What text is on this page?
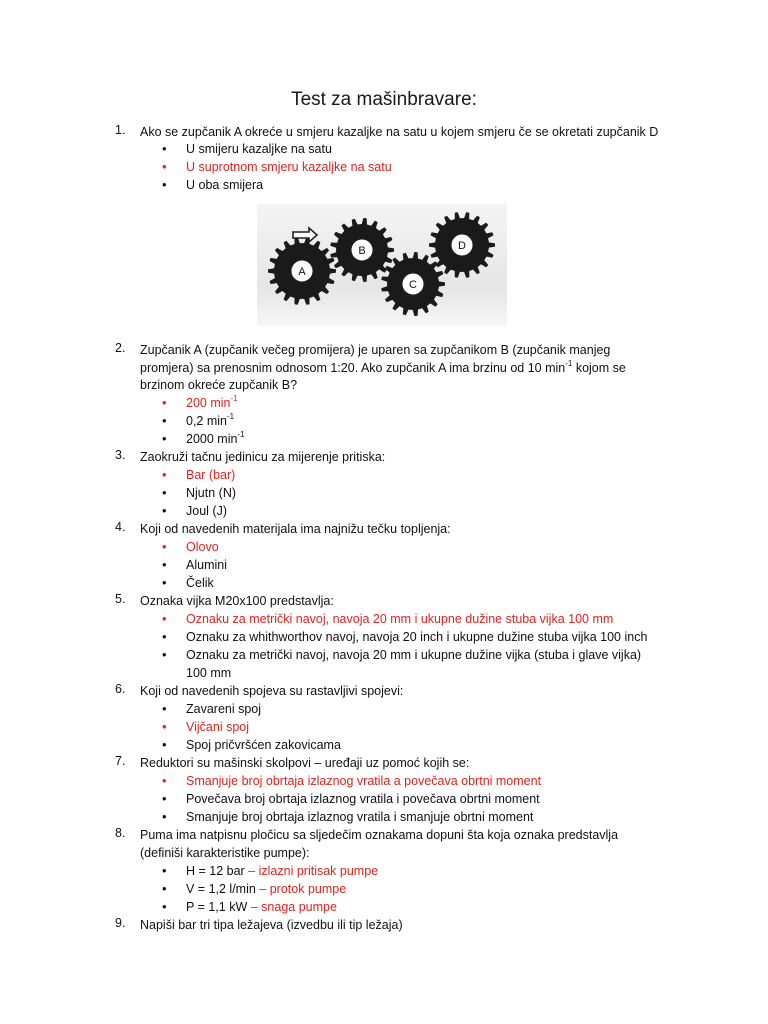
Test za mašinbravare:
1.	Ako se zupčanik A okreće u smjeru kazaljke na satu u kojem smjeru če se okretati zupčanik D
• U smijeru kazaljke na satu
• U suprotnom smjeru kazaljke na satu
• U oba smijera
A
B
C
D
2.	Zupčanik A (zupčanik večeg promijera) je uparen sa zupčanikom B (zupčanik manjeg
promjera) sa prenosnim odnosom 1:20. Ako zupčanik A ima brzinu od 10 $\min^{-1}$ kojom se
brzinom okreće zupčanik B?
• 200 $\min^{-1}$
• 0,2 $\min^{-1}$
• 2000 $\min^{-1}$
3.	Zaokruži tačnu jedinicu za mijerenje pritiska:
• Bar (bar)
• Njutn (N)
• Joul (J)
4.	Koji od navedenih materijala ima najnižu tečku topljenja:
• Olovo
• Alumini
• Čelik
5.	Oznaka vijka M20x100 predstavlja:
• Oznaku za metrički navoj, navoja 20 mm i ukupne dužine stuba vijka 100 mm
• Oznaku za whithworthov navoj, navoja 20 inch i ukupne dužine stuba vijka 100 inch
• Oznaku za metrički navoj, navoja 20 mm i ukupne dužine vijka (stuba i glave vijka)
100 mm
6.	Koji od navedenih spojeva su rastavljivi spojevi:
• Zavareni spoj
• Vijčani spoj
• Spoj pričvršćen zakovicama
7.	Reduktori su mašinski skolpovi – uređaji uz pomoć kojih se:
• Smanjuje broj obrtaja izlaznog vratila a povečava obrtni moment
• Povečava broj obrtaja izlaznog vratila i povečava obrtni moment
• Smanjuje broj obrtaja izlaznog vratila i smanjuje obrtni moment
8.	Puma ima natpisnu pločicu sa sljedečim oznakama dopuni šta koja oznaka predstavlja
(definiši karakteristike pumpe):
• H = 12 bar – izlazni pritisak pumpe
• V = 1,2 l/min – protok pumpe
• P = 1,1 kW – snaga pumpe
9.	Napiši bar tri tipa ležajeva (izvedbu ili tip ležaja)
